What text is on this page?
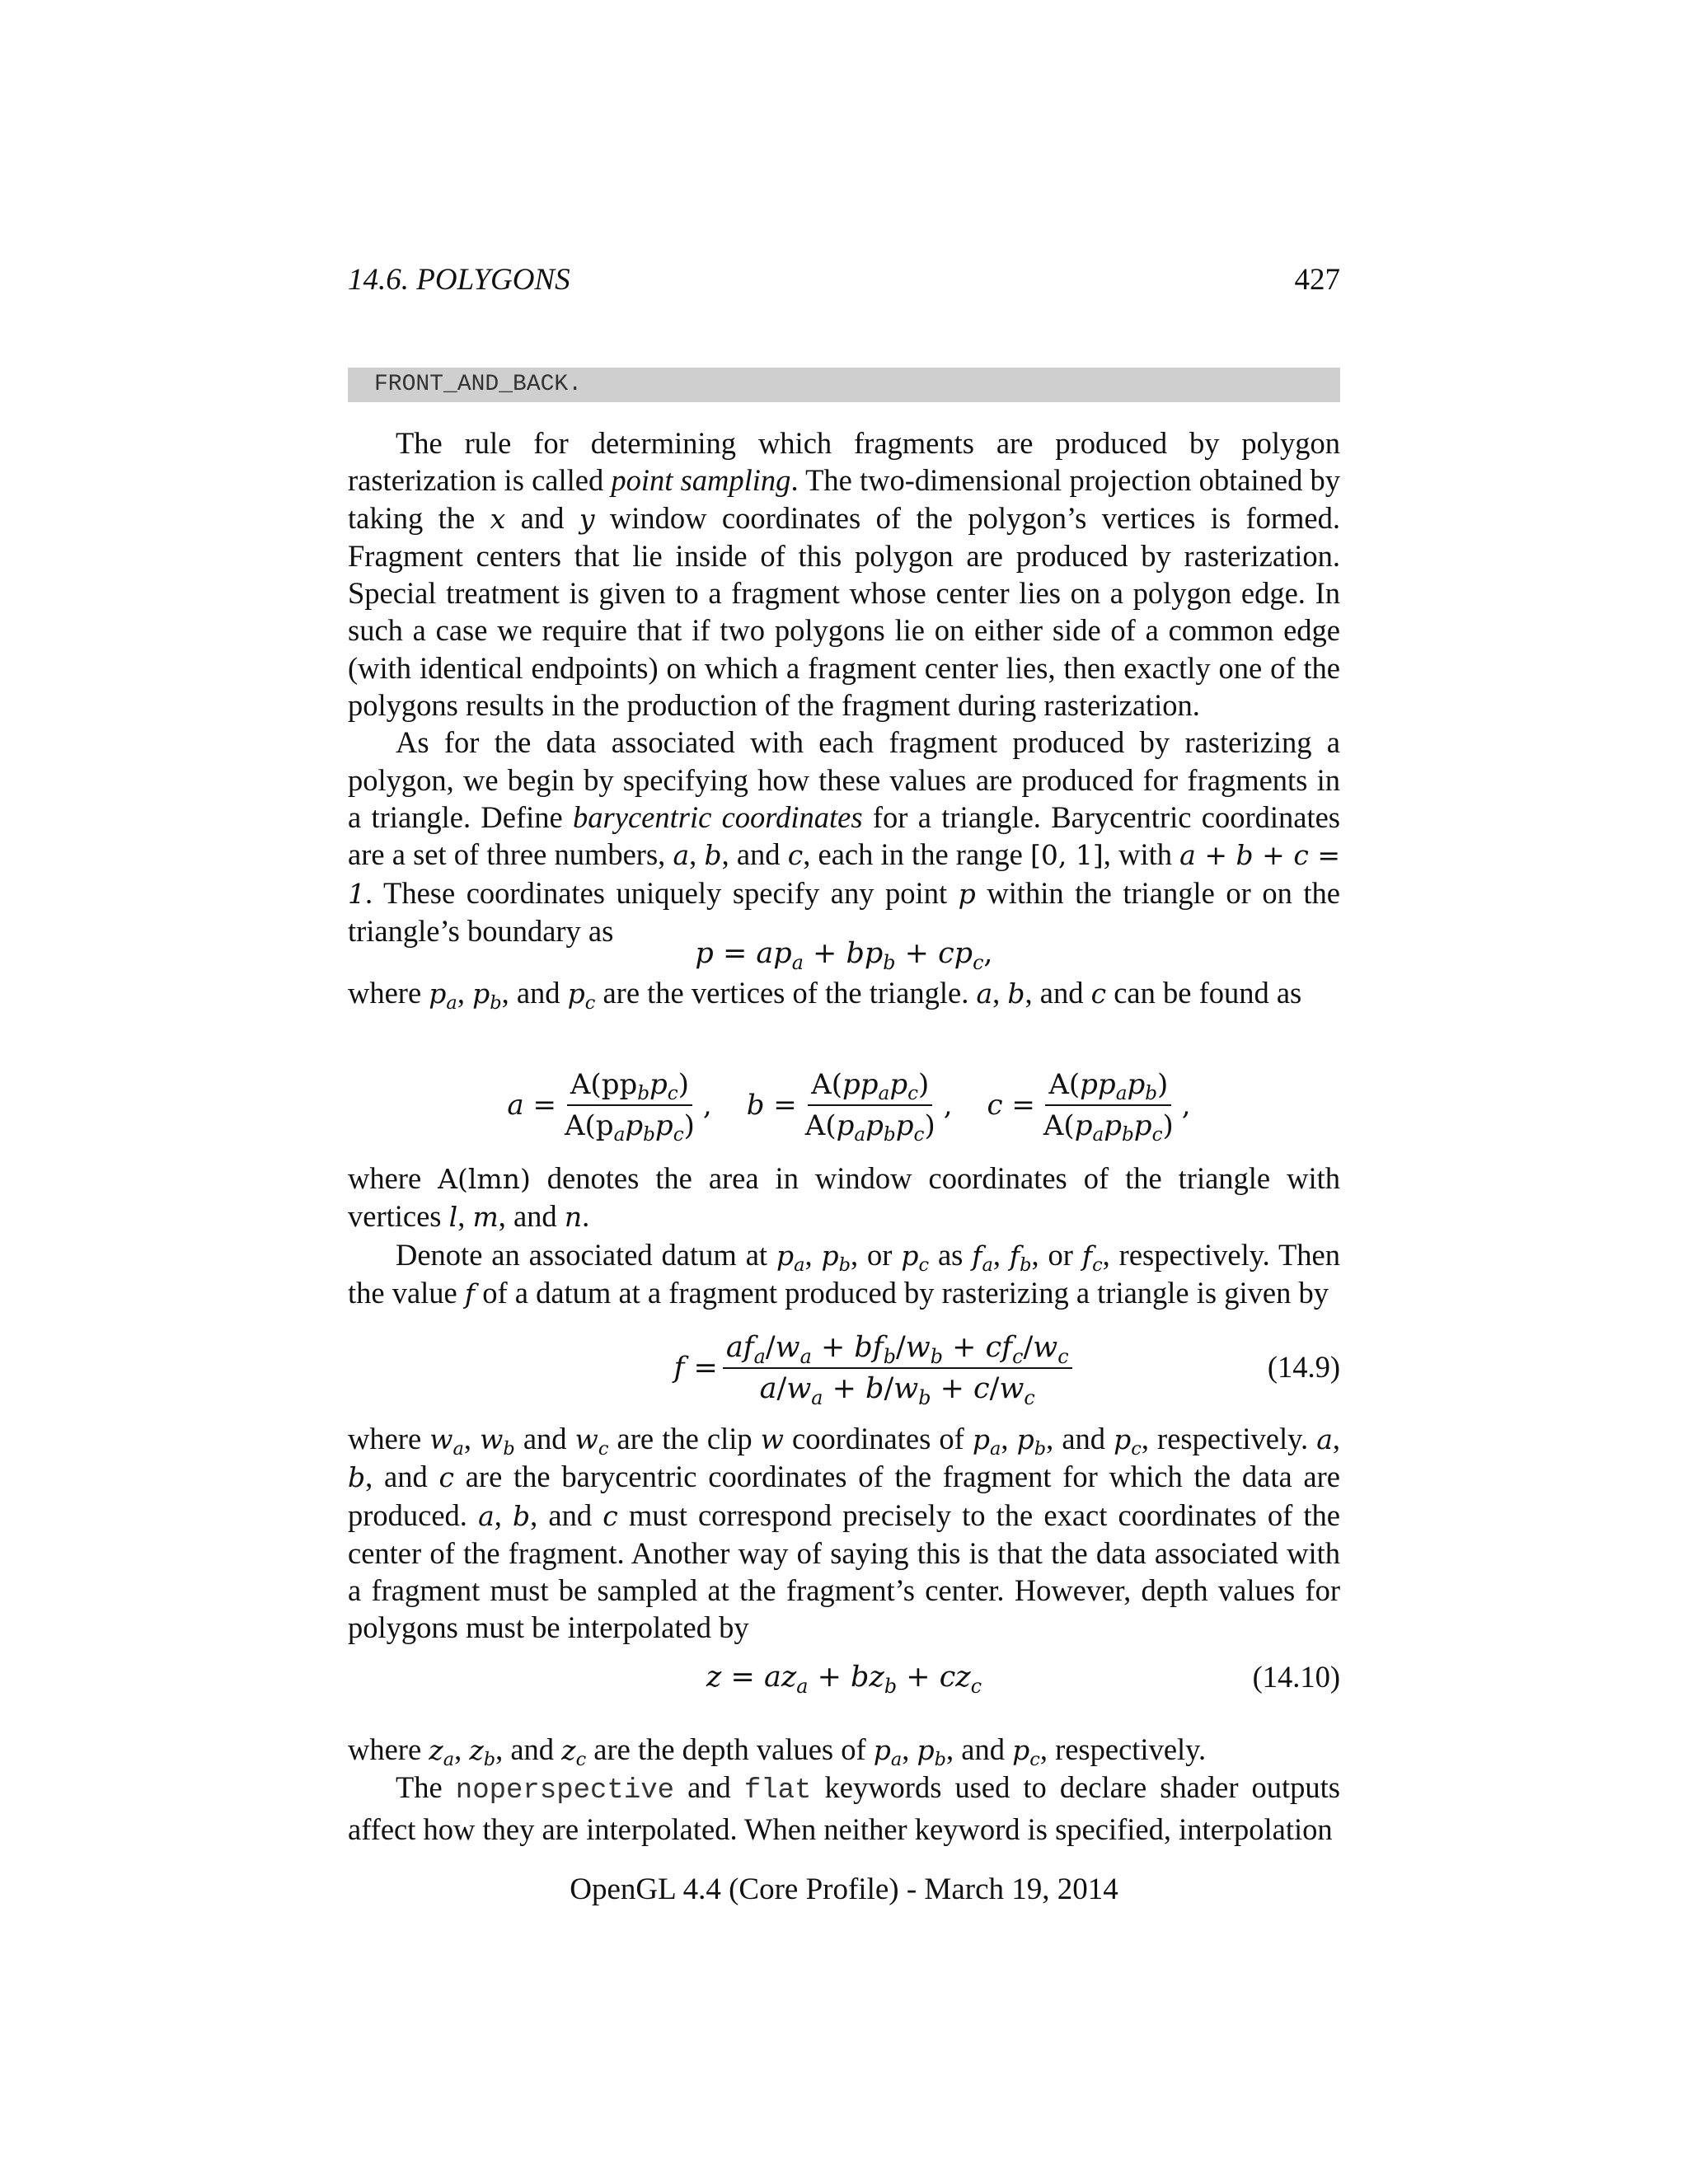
14.6. POLYGONS	427
FRONT_AND_BACK.

The rule for determining which fragments are produced by polygon rasterization is called point sampling. The two-dimensional projection obtained by taking the x and y window coordinates of the polygon’s vertices is formed. Fragment centers that lie inside of this polygon are produced by rasterization. Special treatment is given to a fragment whose center lies on a polygon edge. In such a case we require that if two polygons lie on either side of a common edge (with identical endpoints) on which a fragment center lies, then exactly one of the polygons results in the production of the fragment during rasterization.

As for the data associated with each fragment produced by rasterizing a polygon, we begin by specifying how these values are produced for fragments in a triangle. Define barycentric coordinates for a triangle. Barycentric coordinates are a set of three numbers, a, b, and c, each in the range [0, 1], with a + b + c = 1. These coordinates uniquely specify any point p within the triangle or on the triangle’s boundary as

$p = ap_a + bp_b + cp_c$,

where $p_a$, $p_b$, and $p_c$ are the vertices of the triangle. a, b, and c can be found as

$a = \frac{A(pp_bp_c)}{A(p_ap_bp_c)}$ , $b = \frac{A(pp_ap_c)}{A(p_ap_bp_c)}$ , $c = \frac{A(pp_ap_b)}{A(p_ap_bp_c)}$ ,

where A(lmn) denotes the area in window coordinates of the triangle with vertices l, m, and n.

Denote an associated datum at $p_a$, $p_b$, or $p_c$ as $f_a$, $f_b$, or $f_c$, respectively. Then the value f of a datum at a fragment produced by rasterizing a triangle is given by

$f = \frac{af_a/w_a + bf_b/w_b + cf_c/w_c}{a/w_a + b/w_b + c/w_c}$	(14.9)

where $w_a$, $w_b$ and $w_c$ are the clip w coordinates of $p_a$, $p_b$, and $p_c$, respectively. a, b, and c are the barycentric coordinates of the fragment for which the data are produced. a, b, and c must correspond precisely to the exact coordinates of the center of the fragment. Another way of saying this is that the data associated with a fragment must be sampled at the fragment’s center. However, depth values for polygons must be interpolated by

$z = az_a + bz_b + cz_c$	(14.10)

where $z_a$, $z_b$, and $z_c$ are the depth values of $p_a$, $p_b$, and $p_c$, respectively.

The noperspective and flat keywords used to declare shader outputs affect how they are interpolated. When neither keyword is specified, interpolation

OpenGL 4.4 (Core Profile) - March 19, 2014
